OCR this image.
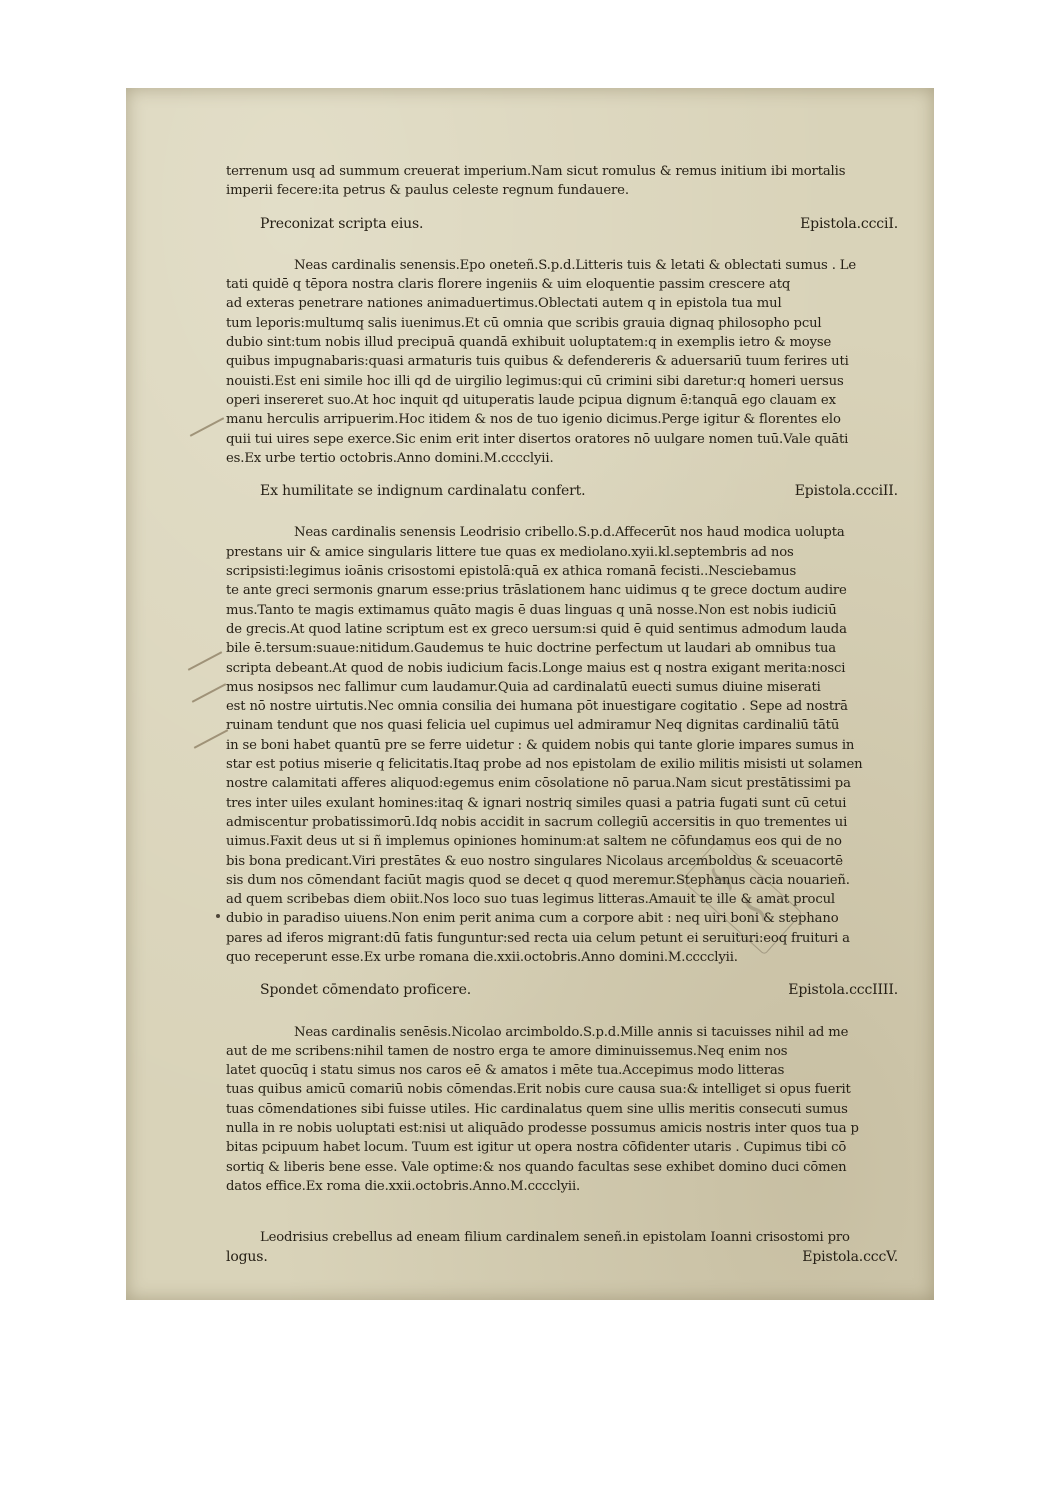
∽∽
terrenum usq ad summum creuerat imperium.Nam sicut romulus & remus initium ibi mortalis
imperii fecere:ita petrus & paulus celeste regnum fundauere.
Preconizat scripta eius.	Epistola.ccciI.
Neas cardinalis senensis.Epo oneteñ.S.p.d.Litteris tuis & letati & oblectati sumus . Le
tati quidē q tēpora nostra claris florere ingeniis & uim eloquentie passim crescere atq
ad exteras penetrare nationes animaduertimus.Oblectati autem q in epistola tua mul
tum leporis:multumq salis iuenimus.Et cū omnia que scribis grauia dignaq philosopho pcul
dubio sint:tum nobis illud precipuā quandā exhibuit uoluptatem:q in exemplis ietro & moyse
quibus impugnabaris:quasi armaturis tuis quibus & defendereris & aduersariū tuum ferires uti
nouisti.Est eni simile hoc illi qd de uirgilio legimus:qui cū crimini sibi daretur:q homeri uersus
operi insereret suo.At hoc inquit qd uituperatis laude pcipua dignum ē:tanquā ego clauam ex
manu herculis arripuerim.Hoc itidem & nos de tuo igenio dicimus.Perge igitur & florentes elo
quii tui uires sepe exerce.Sic enim erit inter disertos oratores nō uulgare nomen tuū.Vale quāti
es.Ex urbe tertio octobris.Anno domini.M.cccclyii.
Ex humilitate se indignum cardinalatu confert.	Epistola.ccciII.
Neas cardinalis senensis Leodrisio cribello.S.p.d.Affecerūt nos haud modica uolupta
prestans uir & amice singularis littere tue quas ex mediolano.xyii.kl.septembris ad nos
scripsisti:legimus ioānis crisostomi epistolā:quā ex athica romanā fecisti..Nesciebamus
te ante greci sermonis gnarum esse:prius trāslationem hanc uidimus q te grece doctum audire
mus.Tanto te magis extimamus quāto magis ē duas linguas q unā nosse.Non est nobis iudiciū
de grecis.At quod latine scriptum est ex greco uersum:si quid ē quid sentimus admodum lauda
bile ē.tersum:suaue:nitidum.Gaudemus te huic doctrine perfectum ut laudari ab omnibus tua
scripta debeant.At quod de nobis iudicium facis.Longe maius est q nostra exigant merita:nosci
mus nosipsos nec fallimur cum laudamur.Quia ad cardinalatū euecti sumus diuine miserati
est nō nostre uirtutis.Nec omnia consilia dei humana pōt inuestigare cogitatio . Sepe ad nostrā
ruinam tendunt que nos quasi felicia uel cupimus uel admiramur Neq dignitas cardinaliū tātū
in se boni habet quantū pre se ferre uidetur : & quidem nobis qui tante glorie impares sumus in
star est potius miserie q felicitatis.Itaq probe ad nos epistolam de exilio militis misisti ut solamen
nostre calamitati afferes aliquod:egemus enim cōsolatione nō parua.Nam sicut prestātissimi pa
tres inter uiles exulant homines:itaq & ignari nostriq similes quasi a patria fugati sunt cū cetui
admiscentur probatissimorū.Idq nobis accidit in sacrum collegiū accersitis in quo trementes ui
uimus.Faxit deus ut si ñ implemus opiniones hominum:at saltem ne cōfundamus eos qui de no
bis bona predicant.Viri prestātes & euo nostro singulares Nicolaus arcemboldus & sceuacortē
sis dum nos cōmendant faciūt magis quod se decet q quod meremur.Stephanus cacia nouarieñ.
ad quem scribebas diem obiit.Nos loco suo tuas legimus litteras.Amauit te ille & amat procul
dubio in paradiso uiuens.Non enim perit anima cum a corpore abit : neq uiri boni & stephano
pares ad iferos migrant:dū fatis funguntur:sed recta uia celum petunt ei seruituri:eoq fruituri a
quo receperunt esse.Ex urbe romana die.xxii.octobris.Anno domini.M.cccclyii.
Spondet cōmendato proficere.	Epistola.cccIIII.
Neas cardinalis senēsis.Nicolao arcimboldo.S.p.d.Mille annis si tacuisses nihil ad me
aut de me scribens:nihil tamen de nostro erga te amore diminuissemus.Neq enim nos
latet quocūq i statu simus nos caros eē & amatos i mēte tua.Accepimus modo litteras
tuas quibus amicū comariū nobis cōmendas.Erit nobis cure causa sua:& intelliget si opus fuerit
tuas cōmendationes sibi fuisse utiles. Hic cardinalatus quem sine ullis meritis consecuti sumus
nulla in re nobis uoluptati est:nisi ut aliquādo prodesse possumus amicis nostris inter quos tua p
bitas pcipuum habet locum. Tuum est igitur ut opera nostra cōfidenter utaris . Cupimus tibi cō
sortiq & liberis bene esse. Vale optime:& nos quando facultas sese exhibet domino duci cōmen
datos effice.Ex roma die.xxii.octobris.Anno.M.cccclyii.
Leodrisius crebellus ad eneam filium cardinalem seneñ.in epistolam Ioanni crisostomi pro
logus.	Epistola.cccV.
